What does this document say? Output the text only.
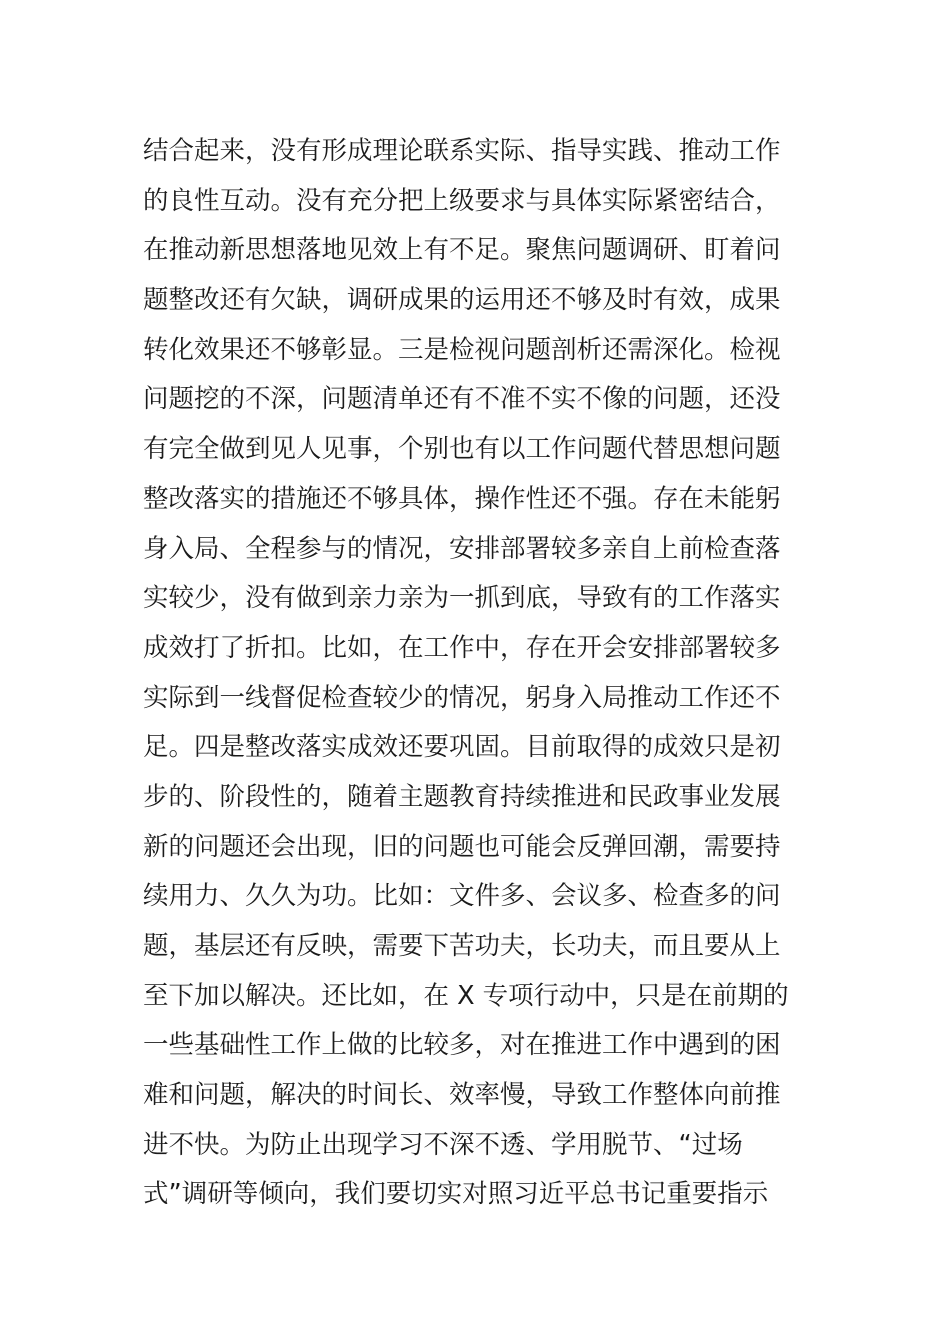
结合起来，没有形成理论联系实际、指导实践、推动工作
的良性互动。没有充分把上级要求与具体实际紧密结合，
在推动新思想落地见效上有不足。聚焦问题调研、盯着问
题整改还有欠缺，调研成果的运用还不够及时有效，成果
转化效果还不够彰显。三是检视问题剖析还需深化。检视
问题挖的不深，问题清单还有不准不实不像的问题，还没
有完全做到见人见事，个别也有以工作问题代替思想问题
整改落实的措施还不够具体，操作性还不强。存在未能躬
身入局、全程参与的情况，安排部署较多亲自上前检查落
实较少，没有做到亲力亲为一抓到底，导致有的工作落实
成效打了折扣。比如，在工作中，存在开会安排部署较多
实际到一线督促检查较少的情况，躬身入局推动工作还不
足。四是整改落实成效还要巩固。目前取得的成效只是初
步的、阶段性的，随着主题教育持续推进和民政事业发展
新的问题还会出现，旧的问题也可能会反弹回潮，需要持
续用力、久久为功。比如：文件多、会议多、检查多的问
题，基层还有反映，需要下苦功夫，长功夫，而且要从上
至下加以解决。还比如，在 X 专项行动中，只是在前期的
一些基础性工作上做的比较多，对在推进工作中遇到的困
难和问题，解决的时间长、效率慢，导致工作整体向前推
进不快。为防止出现学习不深不透、学用脱节、“过场
式”调研等倾向，我们要切实对照习近平总书记重要指示
